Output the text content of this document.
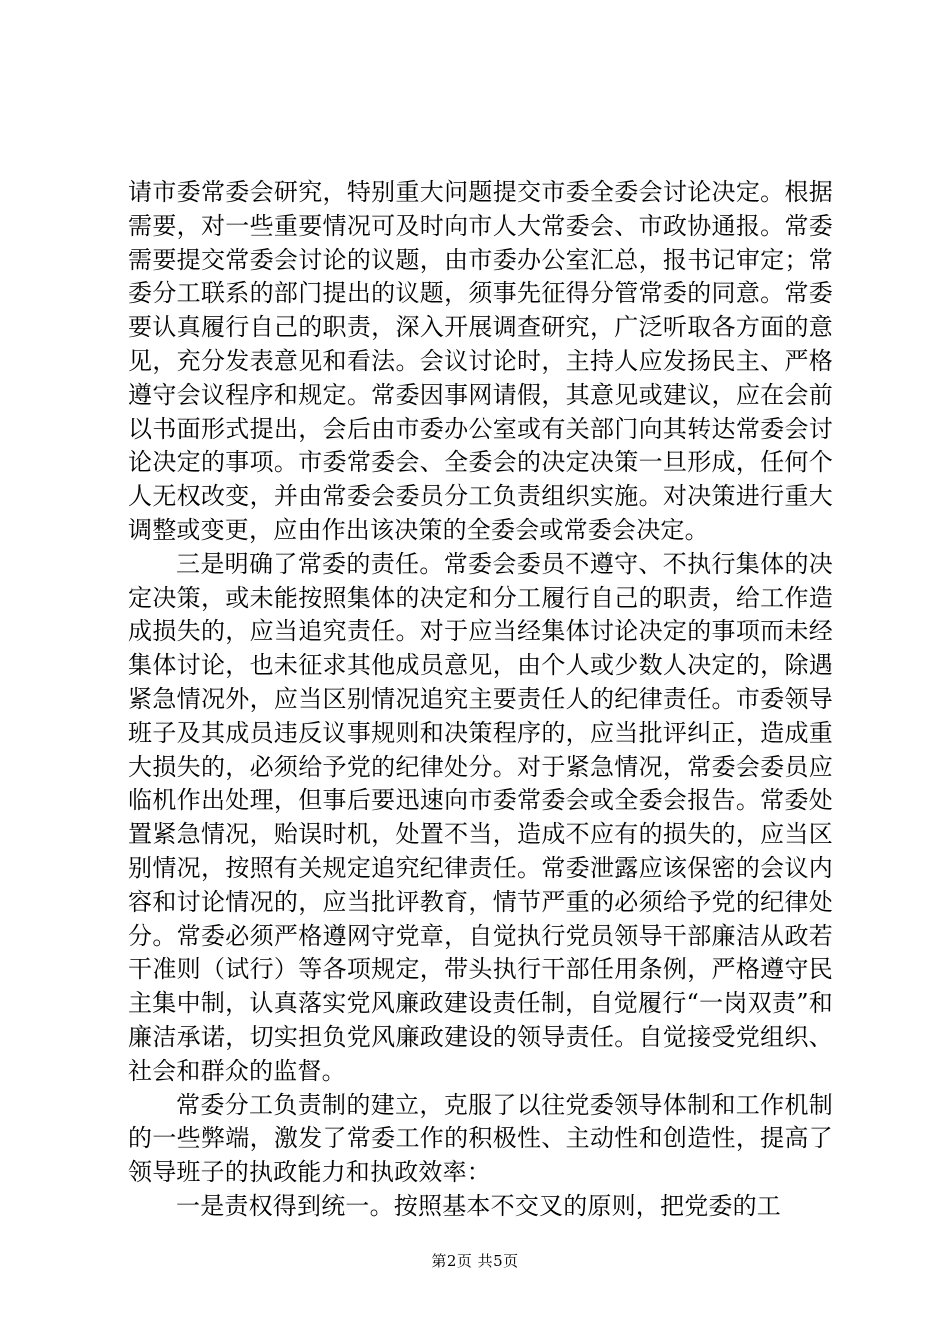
请市委常委会研究，特别重大问题提交市委全委会讨论决定。根据需要，对一些重要情况可及时向市人大常委会、市政协通报。常委需要提交常委会讨论的议题，由市委办公室汇总，报书记审定；常委分工联系的部门提出的议题，须事先征得分管常委的同意。常委要认真履行自己的职责，深入开展调查研究，广泛听取各方面的意见，充分发表意见和看法。会议讨论时，主持人应发扬民主、严格遵守会议程序和规定。常委因事网请假，其意见或建议，应在会前以书面形式提出，会后由市委办公室或有关部门向其转达常委会讨论决定的事项。市委常委会、全委会的决定决策一旦形成，任何个人无权改变，并由常委会委员分工负责组织实施。对决策进行重大调整或变更，应由作出该决策的全委会或常委会决定。

三是明确了常委的责任。常委会委员不遵守、不执行集体的决定决策，或未能按照集体的决定和分工履行自己的职责，给工作造成损失的，应当追究责任。对于应当经集体讨论决定的事项而未经集体讨论，也未征求其他成员意见，由个人或少数人决定的，除遇紧急情况外，应当区别情况追究主要责任人的纪律责任。市委领导班子及其成员违反议事规则和决策程序的，应当批评纠正，造成重大损失的，必须给予党的纪律处分。对于紧急情况，常委会委员应临机作出处理，但事后要迅速向市委常委会或全委会报告。常委处置紧急情况，贻误时机，处置不当，造成不应有的损失的，应当区别情况，按照有关规定追究纪律责任。常委泄露应该保密的会议内容和讨论情况的，应当批评教育，情节严重的必须给予党的纪律处分。常委必须严格遵网守党章，自觉执行党员领导干部廉洁从政若干准则（试行）等各项规定，带头执行干部任用条例，严格遵守民主集中制，认真落实党风廉政建设责任制，自觉履行“一岗双责”和廉洁承诺，切实担负党风廉政建设的领导责任。自觉接受党组织、社会和群众的监督。

常委分工负责制的建立，克服了以往党委领导体制和工作机制的一些弊端，激发了常委工作的积极性、主动性和创造性，提高了领导班子的执政能力和执政效率：

一是责权得到统一。按照基本不交叉的原则，把党委的工

第2页 共5页
